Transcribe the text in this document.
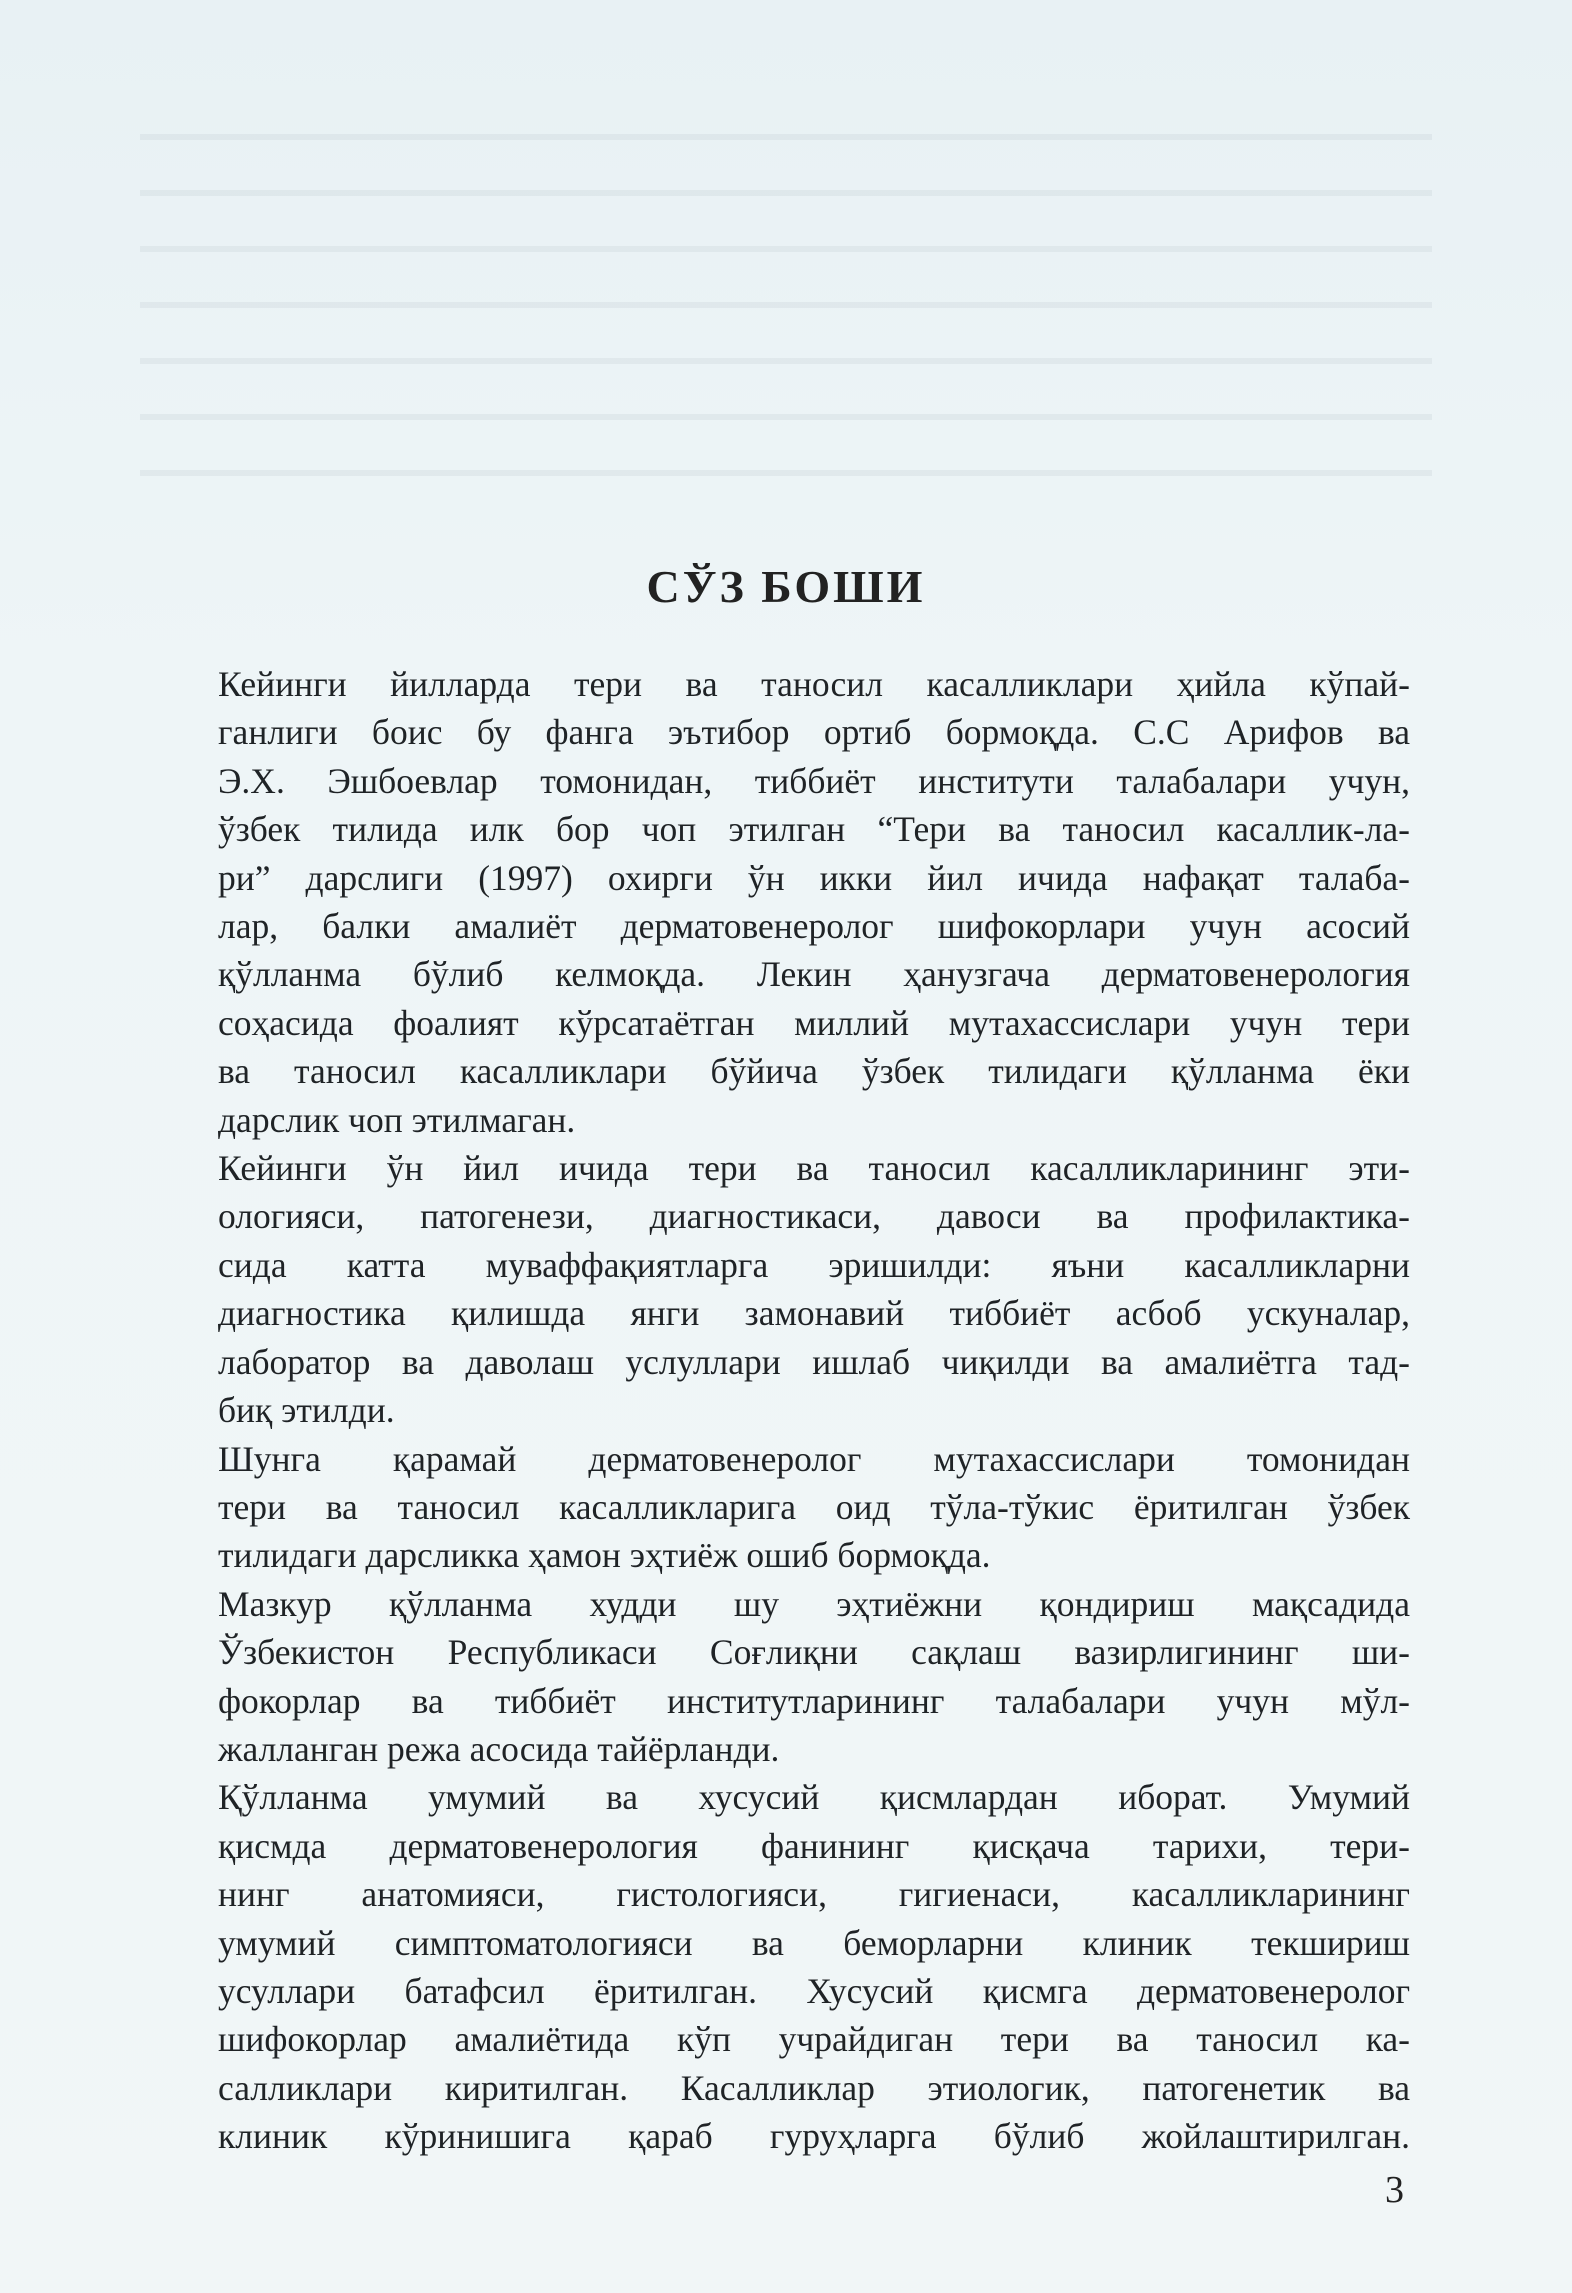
СЎЗ БОШИ

Кейинги йилларда тери ва таносил касалликлари ҳийла кўпай-
ганлиги боис бу фанга эътибор ортиб бормоқда. С.С Арифов ва
Э.Х. Эшбоевлар томонидан, тиббиёт институти талабалари учун,
ўзбек тилида илк бор чоп этилган “Тери ва таносил касаллик-ла-
ри” дарслиги (1997) охирги ўн икки йил ичида нафақат талаба-
лар, балки амалиёт дерматовенеролог шифокорлари учун асосий
қўлланма бўлиб келмоқда. Лекин ҳанузгача дерматовенерология
соҳасида фоалият кўрсатаётган миллий мутахассислари учун тери
ва таносил касалликлари бўйича ўзбек тилидаги қўлланма ёки
дарслик чоп этилмаган.

Кейинги ўн йил ичида тери ва таносил касалликларининг эти-
ологияси, патогенези, диагностикаси, давоси ва профилактика-
сида катта муваффақиятларга эришилди: яъни касалликларни
диагностика қилишда янги замонавий тиббиёт асбоб ускуналар,
лаборатор ва даволаш услуллари ишлаб чиқилди ва амалиётга тад-
биқ этилди.

Шунга қарамай дерматовенеролог мутахассислари томонидан
тери ва таносил касалликларига оид тўла-тўкис ёритилган ўзбек
тилидаги дарсликка ҳамон эҳтиёж ошиб бормоқда.

Мазкур қўлланма худди шу эҳтиёжни қондириш мақсадида
Ўзбекистон Республикаси Соғлиқни сақлаш вазирлигининг ши-
фокорлар ва тиббиёт институтларининг талабалари учун мўл-
жалланган режа асосида тайёрланди.

Қўлланма умумий ва хусусий қисмлардан иборат. Умумий
қисмда дерматовенерология фанининг қисқача тарихи, тери-
нинг анатомияси, гистологияси, гигиенаси, касалликларининг
умумий симптоматологияси ва беморларни клиник текшириш
усуллари батафсил ёритилган. Хусусий қисмга дерматовенеролог
шифокорлар амалиётида кўп учрайдиган тери ва таносил ка-
салликлари киритилган. Касалликлар этиологик, патогенетик ва
клиник кўринишига қараб гуруҳларга бўлиб жойлаштирилган.

3
